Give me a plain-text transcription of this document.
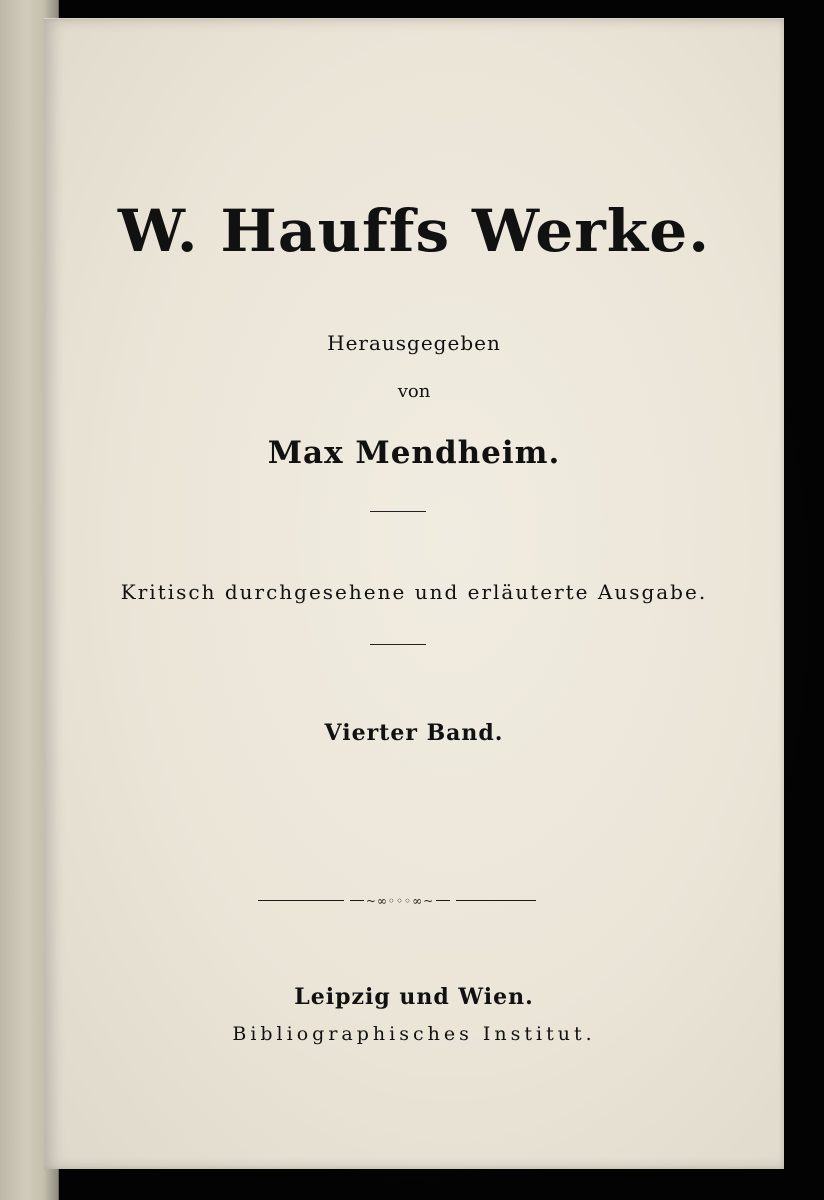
W. Hauffs Werke.
Herausgegeben
von
Max Mendheim.
Kritisch durchgesehene und erläuterte Ausgabe.
Vierter Band.
~∞◦◦◦∞~
Leipzig und Wien.
Bibliographisches Institut.
